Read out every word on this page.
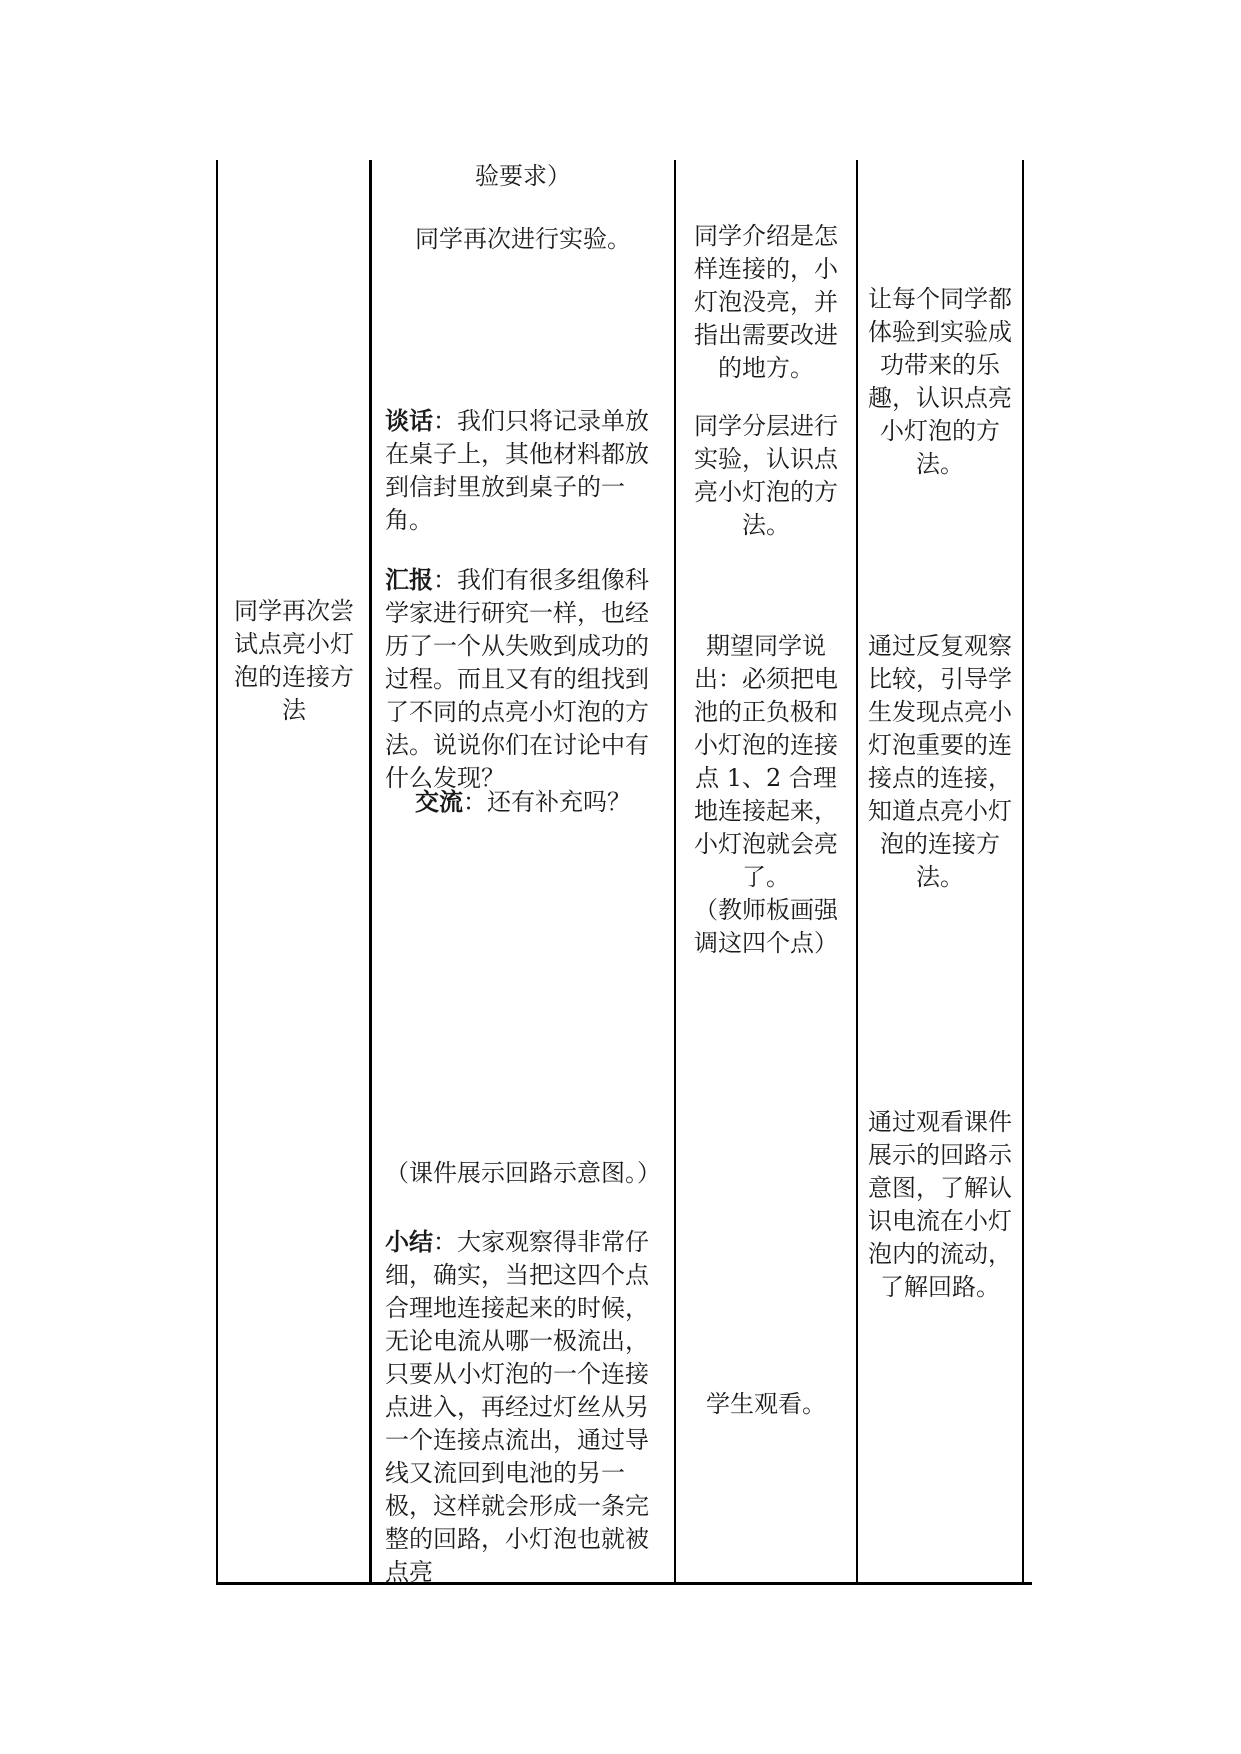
同学再次尝试点亮小灯泡的连接方法

验要求）

同学再次进行实验。

谈话：我们只将记录单放在桌子上，其他材料都放到信封里放到桌子的一角。

汇报：我们有很多组像科学家进行研究一样，也经历了一个从失败到成功的过程。而且又有的组找到了不同的点亮小灯泡的方法。说说你们在讨论中有什么发现？

交流：还有补充吗？

（课件展示回路示意图。）

小结：大家观察得非常仔细，确实，当把这四个点合理地连接起来的时候，无论电流从哪一极流出，只要从小灯泡的一个连接点进入，再经过灯丝从另一个连接点流出，通过导线又流回到电池的另一极，这样就会形成一条完整的回路，小灯泡也就被点亮

同学介绍是怎样连接的，小灯泡没亮，并指出需要改进的地方。

同学分层进行实验，认识点亮小灯泡的方法。

期望同学说出：必须把电池的正负极和小灯泡的连接点 1、2 合理地连接起来，小灯泡就会亮了。

（教师板画强调这四个点）

学生观看。

让每个同学都体验到实验成功带来的乐趣，认识点亮小灯泡的方法。

通过反复观察比较，引导学生发现点亮小灯泡重要的连接点的连接，知道点亮小灯泡的连接方法。

通过观看课件展示的回路示意图，了解认识电流在小灯泡内的流动，了解回路。
